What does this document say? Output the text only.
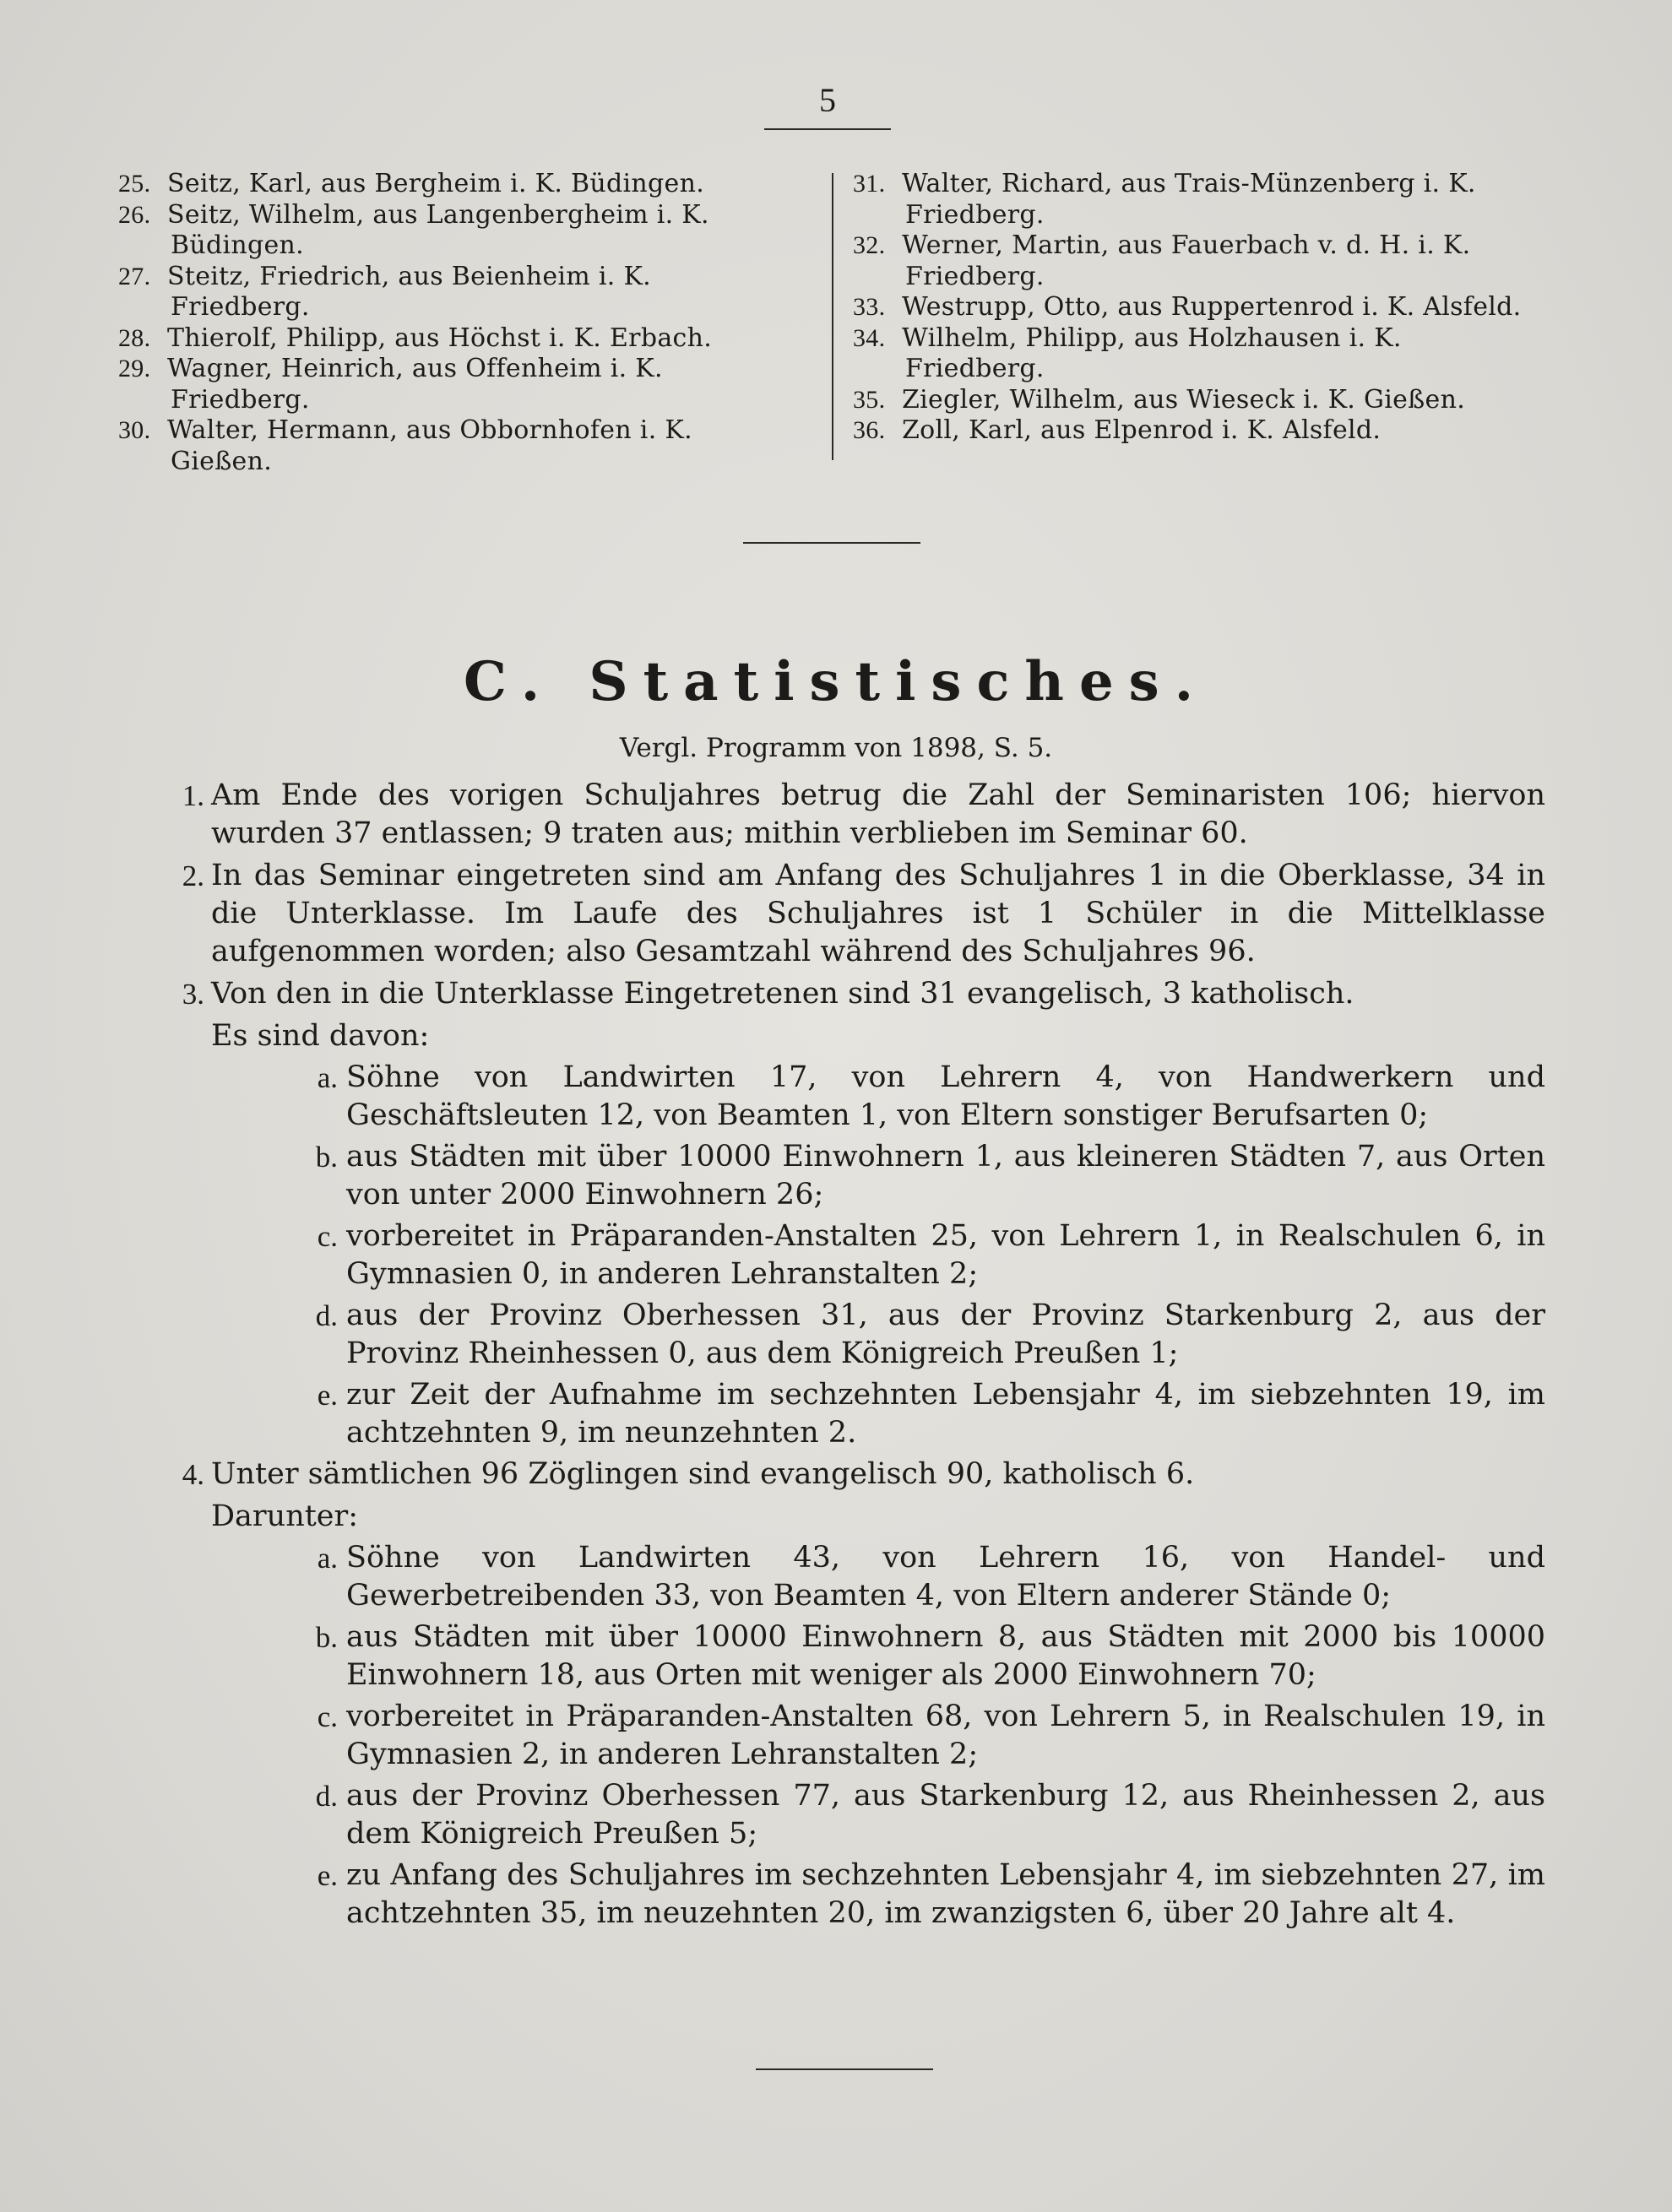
5
25. Seitz, Karl, aus Bergheim i. K. Büdingen.
26. Seitz, Wilhelm, aus Langenbergheim i. K. Büdingen.
27. Steitz, Friedrich, aus Beienheim i. K. Friedberg.
28. Thierolf, Philipp, aus Höchst i. K. Erbach.
29. Wagner, Heinrich, aus Offenheim i. K. Friedberg.
30. Walter, Hermann, aus Obbornhofen i. K. Gießen.
31. Walter, Richard, aus Trais-Münzenberg i. K. Friedberg.
32. Werner, Martin, aus Fauerbach v. d. H. i. K. Friedberg.
33. Westrupp, Otto, aus Ruppertenrod i. K. Alsfeld.
34. Wilhelm, Philipp, aus Holzhausen i. K. Friedberg.
35. Ziegler, Wilhelm, aus Wieseck i. K. Gießen.
36. Zoll, Karl, aus Elpenrod i. K. Alsfeld.
C. Statistisches.
Vergl. Programm von 1898, S. 5.
1. Am Ende des vorigen Schuljahres betrug die Zahl der Seminaristen 106; hiervon wurden 37 entlassen; 9 traten aus; mithin verblieben im Seminar 60.
2. In das Seminar eingetreten sind am Anfang des Schuljahres 1 in die Oberklasse, 34 in die Unterklasse. Im Laufe des Schuljahres ist 1 Schüler in die Mittelklasse aufgenommen worden; also Gesamtzahl während des Schuljahres 96.
3. Von den in die Unterklasse Eingetretenen sind 31 evangelisch, 3 katholisch.
Es sind davon:
a. Söhne von Landwirten 17, von Lehrern 4, von Handwerkern und Geschäftsleuten 12, von Beamten 1, von Eltern sonstiger Berufsarten 0;
b. aus Städten mit über 10000 Einwohnern 1, aus kleineren Städten 7, aus Orten von unter 2000 Einwohnern 26;
c. vorbereitet in Präparanden-Anstalten 25, von Lehrern 1, in Realschulen 6, in Gymnasien 0, in anderen Lehranstalten 2;
d. aus der Provinz Oberhessen 31, aus der Provinz Starkenburg 2, aus der Provinz Rheinhessen 0, aus dem Königreich Preußen 1;
e. zur Zeit der Aufnahme im sechzehnten Lebensjahr 4, im siebzehnten 19, im achtzehnten 9, im neunzehnten 2.
4. Unter sämtlichen 96 Zöglingen sind evangelisch 90, katholisch 6.
Darunter:
a. Söhne von Landwirten 43, von Lehrern 16, von Handel- und Gewerbetreibenden 33, von Beamten 4, von Eltern anderer Stände 0;
b. aus Städten mit über 10000 Einwohnern 8, aus Städten mit 2000 bis 10000 Einwohnern 18, aus Orten mit weniger als 2000 Einwohnern 70;
c. vorbereitet in Präparanden-Anstalten 68, von Lehrern 5, in Realschulen 19, in Gymnasien 2, in anderen Lehranstalten 2;
d. aus der Provinz Oberhessen 77, aus Starkenburg 12, aus Rheinhessen 2, aus dem Königreich Preußen 5;
e. zu Anfang des Schuljahres im sechzehnten Lebensjahr 4, im siebzehnten 27, im achtzehnten 35, im neuzehnten 20, im zwanzigsten 6, über 20 Jahre alt 4.
